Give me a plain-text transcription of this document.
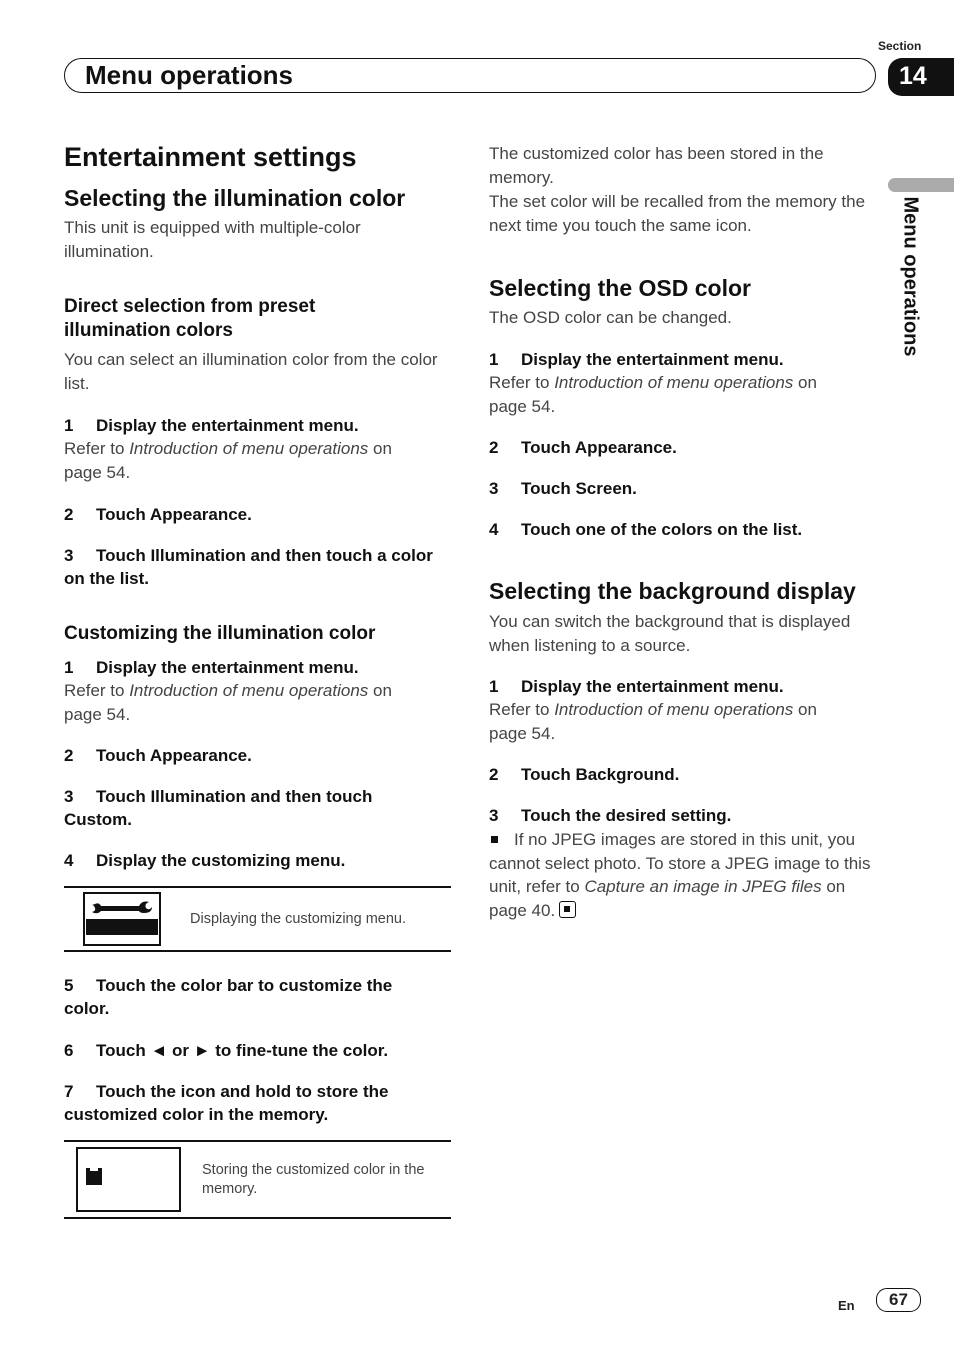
Menu operations
Section
14
Menu operations
Entertainment settings
Selecting the illumination color
This unit is equipped with multiple-color illumination.
Direct selection from preset illumination colors
You can select an illumination color from the color list.
1 Display the entertainment menu.
Refer to Introduction of menu operations on page 54.
2 Touch Appearance.
3 Touch Illumination and then touch a color on the list.
Customizing the illumination color
1 Display the entertainment menu.
Refer to Introduction of menu operations on page 54.
2 Touch Appearance.
3 Touch Illumination and then touch Custom.
4 Display the customizing menu.
Displaying the customizing menu.
5 Touch the color bar to customize the color.
6 Touch ◄ or ► to fine-tune the color.
7 Touch the icon and hold to store the customized color in the memory.
Storing the customized color in the memory.
The customized color has been stored in the memory.
The set color will be recalled from the memory the next time you touch the same icon.
Selecting the OSD color
The OSD color can be changed.
1 Display the entertainment menu.
Refer to Introduction of menu operations on page 54.
2 Touch Appearance.
3 Touch Screen.
4 Touch one of the colors on the list.
Selecting the background display
You can switch the background that is displayed when listening to a source.
1 Display the entertainment menu.
Refer to Introduction of menu operations on page 54.
2 Touch Background.
3 Touch the desired setting.
If no JPEG images are stored in this unit, you cannot select photo. To store a JPEG image to this unit, refer to Capture an image in JPEG files on page 40.
En	67
